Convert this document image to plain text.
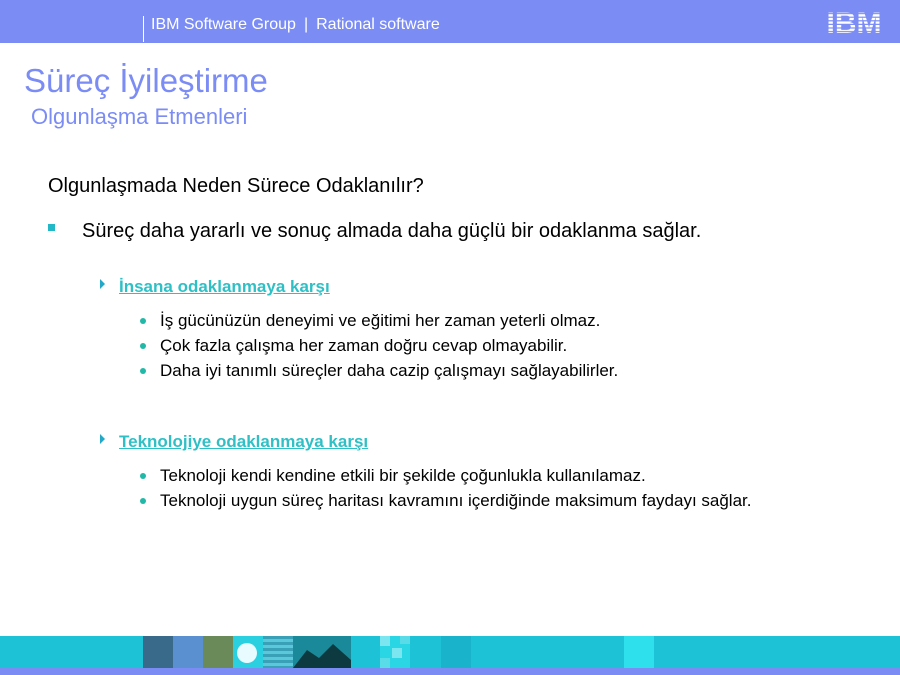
IBM Software Group | Rational software	IBM
Süreç İyileştirme
Olgunlaşma Etmenleri
Olgunlaşmada Neden Sürece Odaklanılır?
Süreç daha yararlı ve sonuç almada daha güçlü bir odaklanma sağlar.
İnsana odaklanmaya karşı
İş gücünüzün deneyimi ve eğitimi her zaman yeterli olmaz.
Çok fazla çalışma her zaman doğru cevap olmayabilir.
Daha iyi tanımlı süreçler daha cazip çalışmayı sağlayabilirler.
Teknolojiye odaklanmaya karşı
Teknoloji kendi kendine etkili bir şekilde çoğunlukla kullanılamaz.
Teknoloji uygun süreç haritası kavramını içerdiğinde maksimum faydayı sağlar.
